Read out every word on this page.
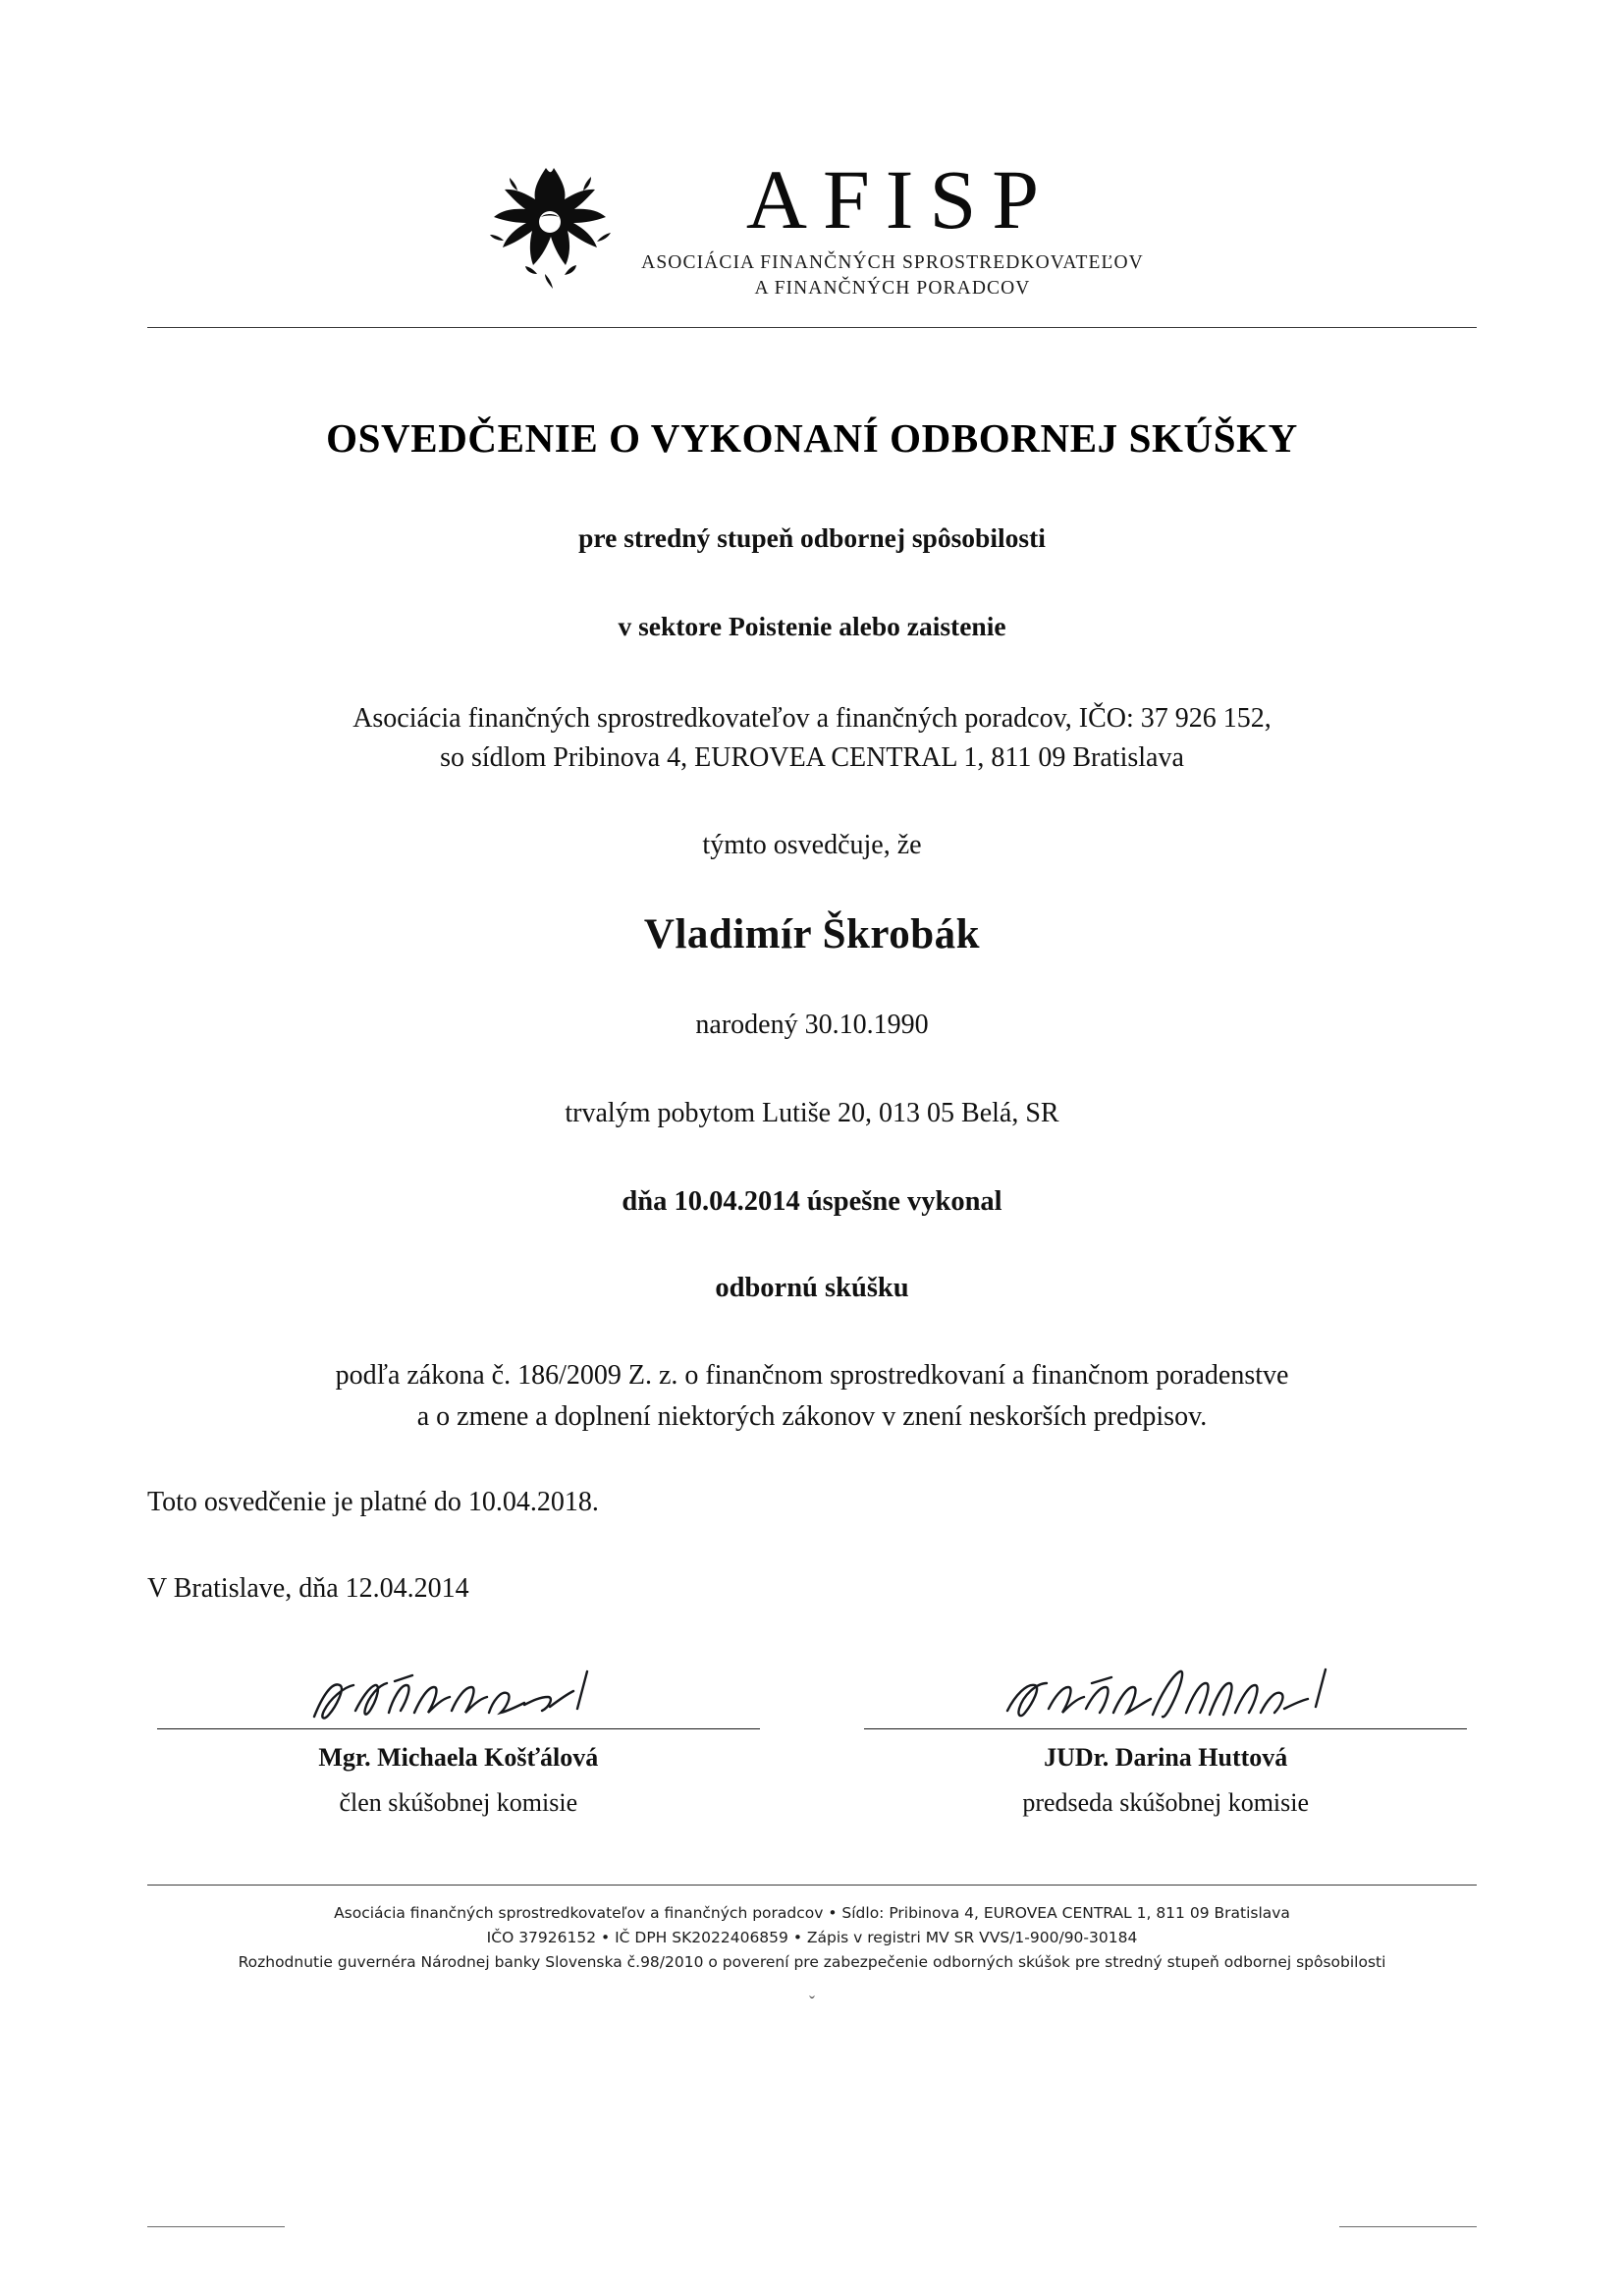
AFISP
ASOCIÁCIA FINANČNÝCH SPROSTREDKOVATEĽOV
A FINANČNÝCH PORADCOV
OSVEDČENIE O VYKONANÍ ODBORNEJ SKÚŠKY
pre stredný stupeň odbornej spôsobilosti
v sektore Poistenie alebo zaistenie
Asociácia finančných sprostredkovateľov a finančných poradcov, IČO: 37 926 152,
so sídlom Pribinova 4, EUROVEA CENTRAL 1, 811 09 Bratislava
týmto osvedčuje, že
Vladimír Škrobák
narodený 30.10.1990
trvalým pobytom Lutiše 20, 013 05 Belá, SR
dňa 10.04.2014 úspešne vykonal
odbornú skúšku
podľa zákona č. 186/2009 Z. z. o finančnom sprostredkovaní a finančnom poradenstve
a o zmene a doplnení niektorých zákonov v znení neskorších predpisov.
Toto osvedčenie je platné do 10.04.2018.
V Bratislave, dňa 12.04.2014
Mgr. Michaela Košťálová
člen skúšobnej komisie
JUDr. Darina Huttová
predseda skúšobnej komisie
Asociácia finančných sprostredkovateľov a finančných poradcov • Sídlo: Pribinova 4, EUROVEA CENTRAL 1, 811 09 Bratislava
IČO 37926152 • IČ DPH SK2022406859 • Zápis v registri MV SR VVS/1-900/90-30184
Rozhodnutie guvernéra Národnej banky Slovenska č.98/2010 o poverení pre zabezpečenie odborných skúšok pre stredný stupeň odbornej spôsobilosti
ˇ
